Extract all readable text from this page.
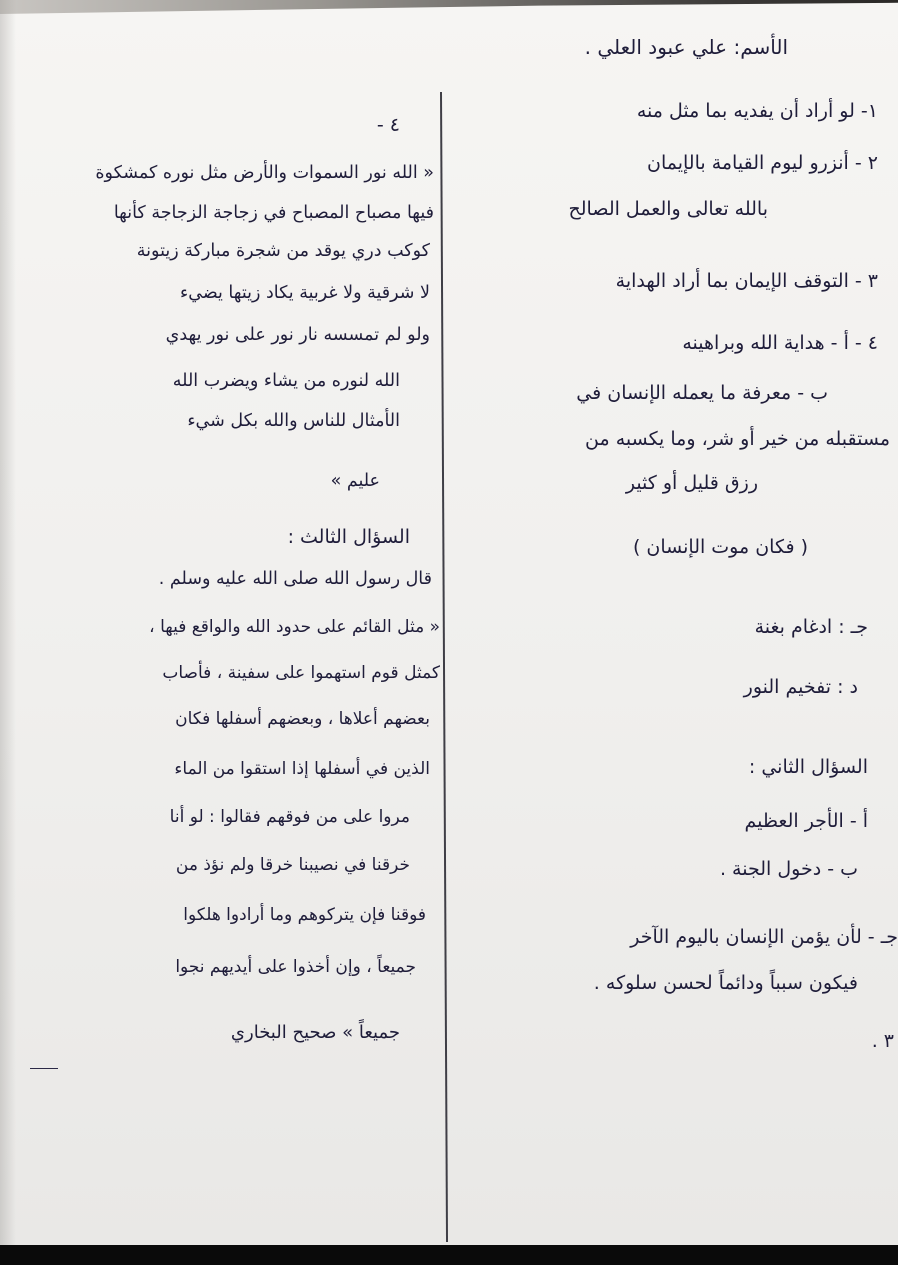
الأسم: علي عبود العلي .
١- لو أراد أن يفديه بما مثل منه
٢ - أنزرو ليوم القيامة بالإيمان
بالله تعالى والعمل الصالح
٣ - التوقف الإيمان بما أراد الهداية
٤ - أ - هداية الله وبراهينه
ب - معرفة ما يعمله الإنسان في
مستقبله من خير أو شر، وما يكسبه من
رزق قليل أو كثير
( فكان موت الإنسان )
جـ : ادغام بغنة
د : تفخيم النور
السؤال الثاني :
أ - الأجر العظيم
ب - دخول الجنة .
جـ - لأن يؤمن الإنسان باليوم الآخر
فيكون سبباً ودائماً لحسن سلوكه .
٣ .
٤ -
« الله نور السموات والأرض مثل نوره كمشكوة
فيها مصباح المصباح في زجاجة الزجاجة كأنها
كوكب دري يوقد من شجرة مباركة زيتونة
لا شرقية ولا غربية يكاد زيتها يضيء
ولو لم تمسسه نار نور على نور يهدي
الله لنوره من يشاء ويضرب الله
الأمثال للناس والله بكل شيء
عليم »
السؤال الثالث :
قال رسول الله صلى الله عليه وسلم .
« مثل القائم على حدود الله والواقع فيها ،
كمثل قوم استهموا على سفينة ، فأصاب
بعضهم أعلاها ، وبعضهم أسفلها فكان
الذين في أسفلها إذا استقوا من الماء
مروا على من فوقهم فقالوا : لو أنا
خرقنا في نصيبنا خرقا ولم نؤذ من
فوقنا فإن يتركوهم وما أرادوا هلكوا
جميعاً ، وإن أخذوا على أيديهم نجوا
جميعاً » صحيح البخاري
